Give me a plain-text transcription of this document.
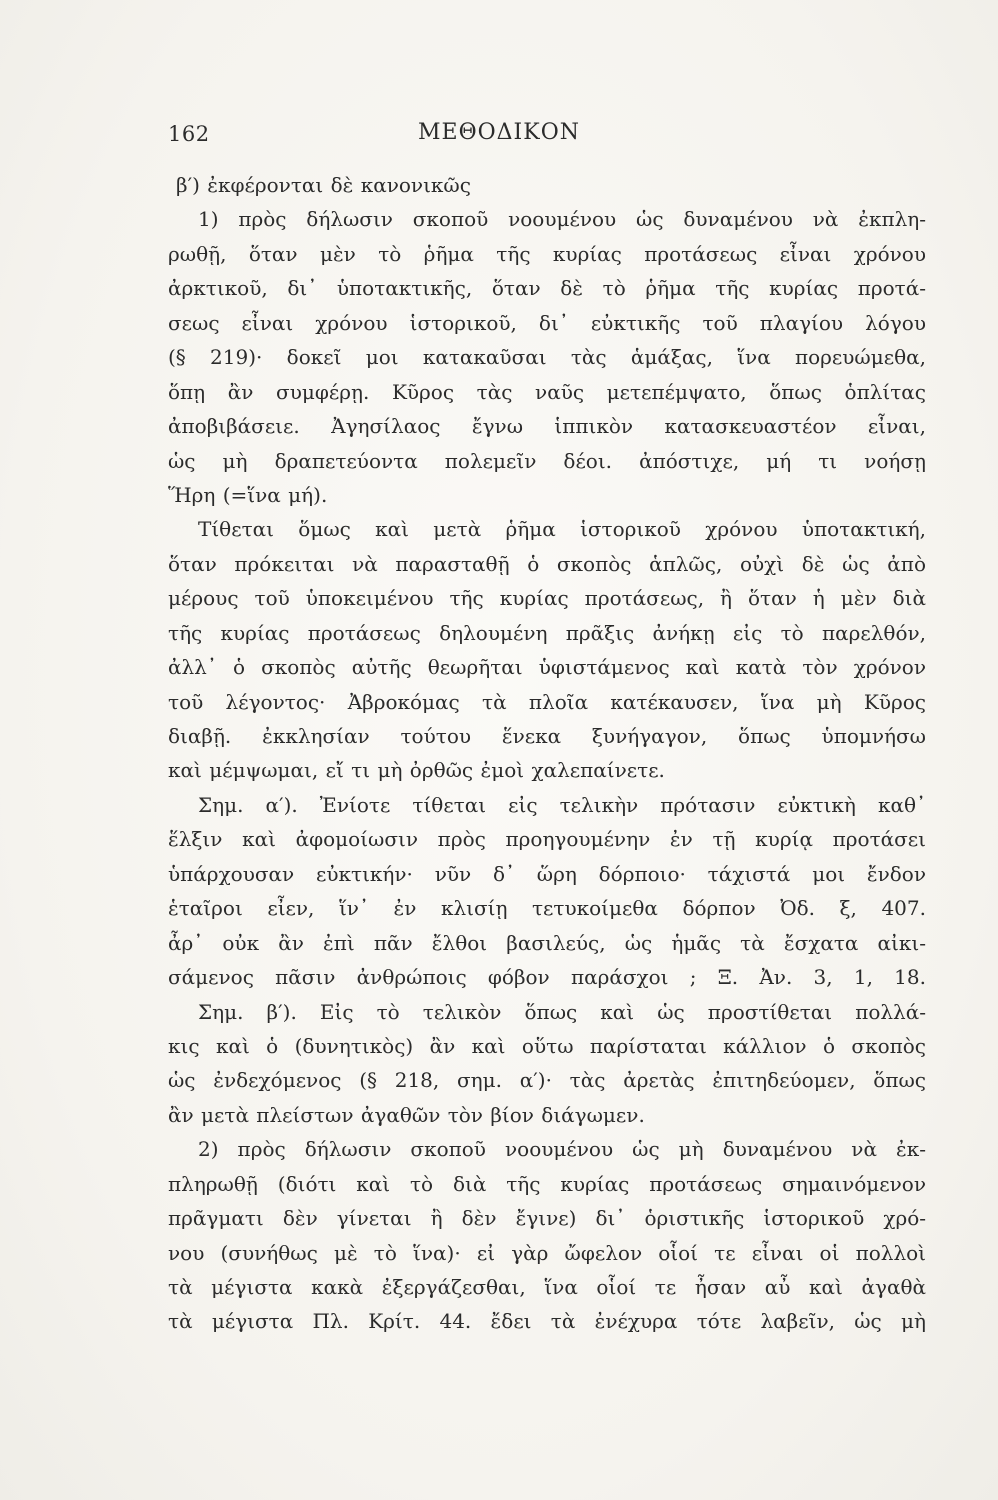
162	ΜΕΘΟΔΙΚΟΝ
β′) ἐκφέρονται δὲ κανονικῶς
1) πρὸς δήλωσιν σκοποῦ νοουμένου ὡς δυναμένου νὰ ἐκπλη-
ρωθῇ, ὅταν μὲν τὸ ῥῆμα τῆς κυρίας προτάσεως εἶναι χρόνου
ἀρκτικοῦ, δι᾽ ὑποτακτικῆς, ὅταν δὲ τὸ ῥῆμα τῆς κυρίας προτά-
σεως εἶναι χρόνου ἱστορικοῦ, δι᾽ εὐκτικῆς τοῦ πλαγίου λόγου
(§ 219)· δοκεῖ μοι κατακαῦσαι τὰς ἁμάξας, ἵνα πορευώμεθα,
ὅπῃ ἂν συμφέρῃ. Κῦρος τὰς ναῦς μετεπέμψατο, ὅπως ὁπλίτας
ἀποβιβάσειε. Ἀγησίλαος ἔγνω ἱππικὸν κατασκευαστέον εἶναι,
ὡς μὴ δραπετεύοντα πολεμεῖν δέοι. ἀπόστιχε, μή τι νοήσῃ
Ἥρη (=ἵνα μή).
Τίθεται ὅμως καὶ μετὰ ῥῆμα ἱστορικοῦ χρόνου ὑποτακτική,
ὅταν πρόκειται νὰ παρασταθῇ ὁ σκοπὸς ἁπλῶς, οὐχὶ δὲ ὡς ἀπὸ
μέρους τοῦ ὑποκειμένου τῆς κυρίας προτάσεως, ἢ ὅταν ἡ μὲν διὰ
τῆς κυρίας προτάσεως δηλουμένη πρᾶξις ἀνήκῃ εἰς τὸ παρελθόν,
ἀλλ᾽ ὁ σκοπὸς αὐτῆς θεωρῆται ὑφιστάμενος καὶ κατὰ τὸν χρόνον
τοῦ λέγοντος· Ἀβροκόμας τὰ πλοῖα κατέκαυσεν, ἵνα μὴ Κῦρος
διαβῇ. ἐκκλησίαν τούτου ἕνεκα ξυνήγαγον, ὅπως ὑπομνήσω
καὶ μέμψωμαι, εἴ τι μὴ ὀρθῶς ἐμοὶ χαλεπαίνετε.
Σημ. α′). Ἐνίοτε τίθεται εἰς τελικὴν πρότασιν εὐκτικὴ καθ᾽
ἕλξιν καὶ ἀφομοίωσιν πρὸς προηγουμένην ἐν τῇ κυρίᾳ προτάσει
ὑπάρχουσαν εὐκτικήν· νῦν δ᾽ ὥρη δόρποιο· τάχιστά μοι ἔνδον
ἑταῖροι εἶεν, ἵν᾽ ἐν κλισίῃ τετυκοίμεθα δόρπον Ὀδ. ξ, 407.
ἆρ᾽ οὐκ ἂν ἐπὶ πᾶν ἔλθοι βασιλεύς, ὡς ἡμᾶς τὰ ἔσχατα αἰκι-
σάμενος πᾶσιν ἀνθρώποις φόβον παράσχοι ; Ξ. Ἀν. 3, 1, 18.
Σημ. β′). Εἰς τὸ τελικὸν ὅπως καὶ ὡς προστίθεται πολλά-
κις καὶ ὁ (δυνητικὸς) ἂν καὶ οὕτω παρίσταται κάλλιον ὁ σκοπὸς
ὡς ἐνδεχόμενος (§ 218, σημ. α′)· τὰς ἀρετὰς ἐπιτηδεύομεν, ὅπως
ἂν μετὰ πλείστων ἀγαθῶν τὸν βίον διάγωμεν.
2) πρὸς δήλωσιν σκοποῦ νοουμένου ὡς μὴ δυναμένου νὰ ἐκ-
πληρωθῇ (διότι καὶ τὸ διὰ τῆς κυρίας προτάσεως σημαινόμενον
πρᾶγματι δὲν γίνεται ἢ δὲν ἔγινε) δι᾽ ὁριστικῆς ἱστορικοῦ χρό-
νου (συνήθως μὲ τὸ ἵνα)· εἰ γὰρ ὤφελον οἷοί τε εἶναι οἱ πολλοὶ
τὰ μέγιστα κακὰ ἐξεργάζεσθαι, ἵνα οἷοί τε ἦσαν αὖ καὶ ἀγαθὰ
τὰ μέγιστα Πλ. Κρίτ. 44. ἔδει τὰ ἐνέχυρα τότε λαβεῖν, ὡς μὴ
